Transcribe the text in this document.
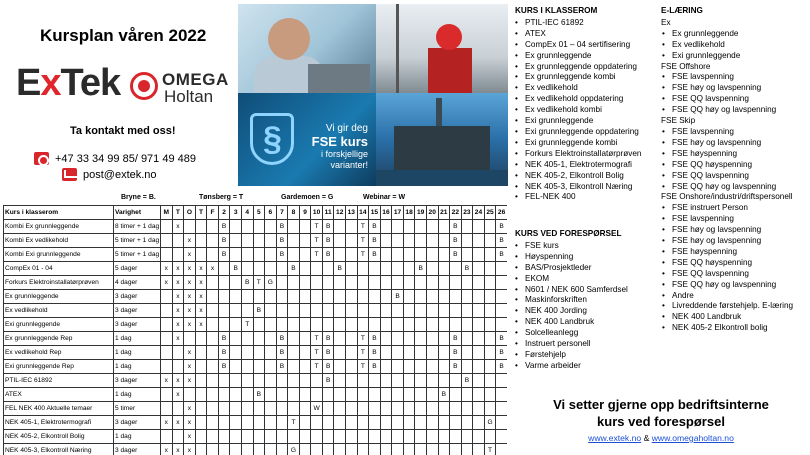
Kursplan våren 2022
ExTek OMEGA
Holtan
Ta kontakt med oss!
+47 33 34 99 85/ 971 49 489
post@extek.no
§	Vi gir deg
FSE kurs
i forskjellige varianter!
Bryne = B.	Tønsberg = T	Gardemoen = G	Webinar = W
Kurs i klasserom	Varighet	M	T	O	T	F	2	3	4	5	6	7	8	9	10	11	12	13	14	15	16	17	18	19	20	21	22	23	24	25	26
Kombi Ex grunnleggende	8 timer + 1 dag		x				B					B			T	B			T	B							B				B
Kombi Ex vedlikehold	5 timer + 1 dag			x			B					B			T	B			T	B							B				B
Kombi Exi grunnleggende	5 timer + 1 dag			x			B					B			T	B			T	B							B				B
CompEx 01 - 04	5 dager	x	x	x	x	x		B					B				B							B				B			
Forkurs Elektroinstallatørprøven	4 dager	x	x	x	x				B	T	G																				
Ex grunnleggende	3 dager		x	x	x																	B									
Ex vedlikehold	3 dager		x	x	x					B																					
Exi grunnleggende	3 dager		x	x	x				T																						
Ex grunnleggende Rep	1 dag		x				B					B			T	B			T	B							B				B
Ex vedlikehold Rep	1 dag			x			B					B			T	B			T	B							B				B
Exi grunnleggende Rep	1 dag			x			B					B			T	B			T	B							B				B
PTIL-IEC 61892	3 dager	x	x	x												B												B			
ATEX	1 dag		x							B																B					
FEL NEK 400 Aktuelle temaer	5 timer			x											W																
NEK 405-1, Elektrotermografi	3 dager	x	x	x									T																	G	
NEK 405-2, Elkontroll Bolig	1 dag			x																											
NEK 405-3, Elkontroll Næring	3 dager	x	x	x									G																	T	
KURS I KLASSEROM
• PTIL-IEC 61892
• ATEX
• CompEx 01 – 04 sertifisering
• Ex grunnleggende
• Ex grunnleggende oppdatering
• Ex grunnleggende kombi
• Ex vedlikehold
• Ex vedlikehold oppdatering
• Ex vedlikehold kombi
• Exi grunnleggende
• Exi grunnleggende oppdatering
• Exi grunnleggende kombi
• Forkurs Elektroinstallatørprøven
• NEK 405-1, Elektrotermografi
• NEK 405-2, Elkontroll Bolig
• NEK 405-3, Elkontroll Næring
• FEL-NEK 400
KURS VED FORESPØRSEL
• FSE kurs
• Høyspenning
• BAS/Prosjektleder
• EKOM
• N601 / NEK 600 Samferdsel
• Maskinforskriften
• NEK 400 Jording
• NEK 400 Landbruk
• Solcelleanlegg
• Instruert personell
• Førstehjelp
• Varme arbeider
E-LÆRING
Ex
• Ex grunnleggende
• Ex vedlikehold
• Exi grunnleggende
FSE Offshore
• FSE lavspenning
• FSE høy og lavspenning
• FSE QQ lavspenning
• FSE QQ høy og lavspenning
FSE Skip
• FSE lavspenning
• FSE høy og lavspenning
• FSE høyspenning
• FSE QQ høyspenning
• FSE QQ lavspenning
• FSE QQ høy og lavspenning
FSE Onshore/industri/driftspersonell
• FSE instruert Person
• FSE lavspenning
• FSE høy og lavspenning
• FSE høy og lavspenning
• FSE høyspenning
• FSE QQ høyspenning
• FSE QQ lavspenning
• FSE QQ høy og lavspenning
• Andre
• Livreddende førstehjelp. E-læring
• NEK 400 Landbruk
• NEK 405-2 Elkontroll bolig
Vi setter gjerne opp bedriftsinterne
kurs ved forespørsel
www.extek.no & www.omegaholtan.no
